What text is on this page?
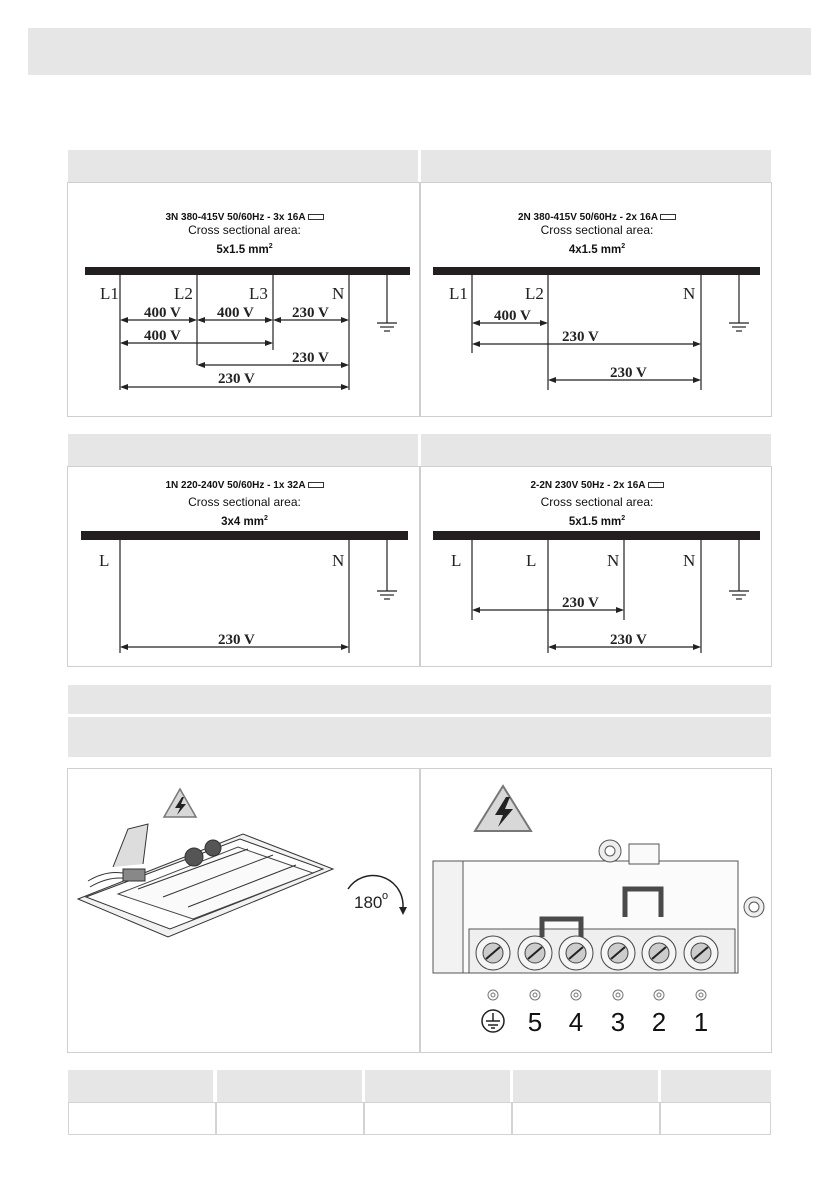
3N 380-415V 50/60Hz - 3x 16A
Cross sectional area:
5x1.5 $mm^2$
L1	L2	L3	N
400 V 400 V	230 V
400 V
230 V
230 V
2N 380-415V 50/60Hz - 2x 16A
Cross sectional area:
4x1.5 $mm^2$
L1	L2	N
400 V
230 V
230 V
1N 220-240V 50/60Hz - 1x 32A
Cross sectional area:
3x4 $mm^2$
L	N
230 V
2-2N 230V 50Hz - 2x 16A
Cross sectional area:
5x1.5 $mm^2$
L	L	N	N
230 V
230 V
180 o
5 4 3 2 1
